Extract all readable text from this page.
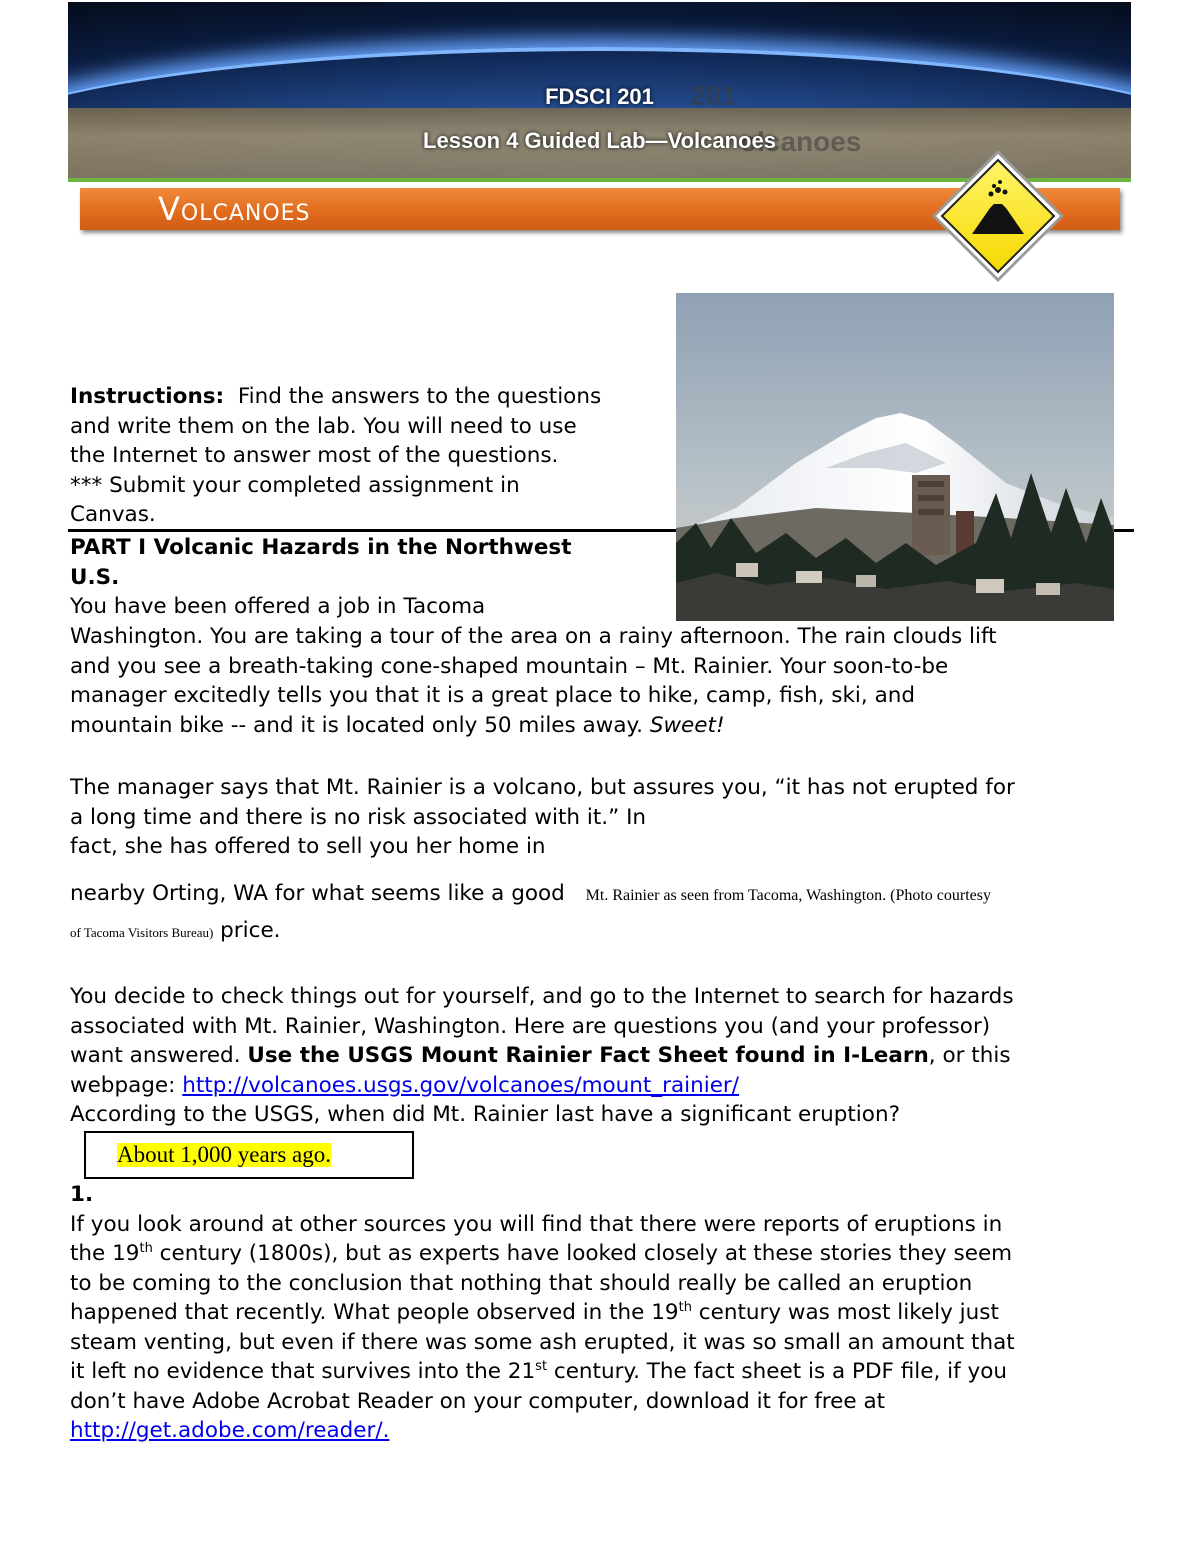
201
olcanoes
FDSCI 201
Lesson 4 Guided Lab—Volcanoes
Volcanoes
Instructions: Find the answers to the questions
and write them on the lab. You will need to use
the Internet to answer most of the questions.
*** Submit your completed assignment in
Canvas.
PART I Volcanic Hazards in the Northwest
U.S.
You have been offered a job in Tacoma
Washington. You are taking a tour of the area on a rainy afternoon. The rain clouds lift
and you see a breath-taking cone-shaped mountain – Mt. Rainier. Your soon-to-be
manager excitedly tells you that it is a great place to hike, camp, fish, ski, and
mountain bike -- and it is located only 50 miles away. Sweet!
The manager says that Mt. Rainier is a volcano, but assures you, “it has not erupted for
a long time and there is no risk associated with it.” In
fact, she has offered to sell you her home in
nearby Orting, WA for what seems like a good Mt. Rainier as seen from Tacoma, Washington. (Photo courtesy
of Tacoma Visitors Bureau) price.
You decide to check things out for yourself, and go to the Internet to search for hazards
associated with Mt. Rainier, Washington. Here are questions you (and your professor)
want answered. Use the USGS Mount Rainier Fact Sheet found in I-Learn, or this
webpage: http://volcanoes.usgs.gov/volcanoes/mount_rainier/
According to the USGS, when did Mt. Rainier last have a significant eruption?
About 1,000 years ago.
1.
If you look around at other sources you will find that there were reports of eruptions in
the 19th century (1800s), but as experts have looked closely at these stories they seem
to be coming to the conclusion that nothing that should really be called an eruption
happened that recently. What people observed in the 19th century was most likely just
steam venting, but even if there was some ash erupted, it was so small an amount that
it left no evidence that survives into the 21st century. The fact sheet is a PDF file, if you
don’t have Adobe Acrobat Reader on your computer, download it for free at
http://get.adobe.com/reader/.
